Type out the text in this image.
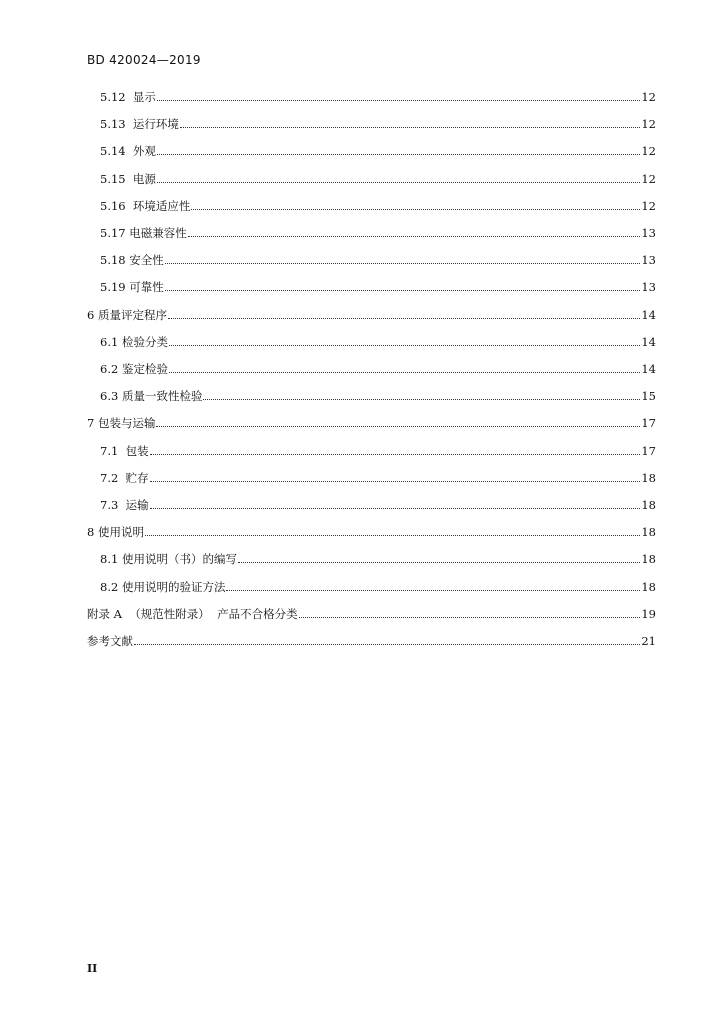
BD 420024—2019
5.12  显示	12
5.13  运行环境	12
5.14  外观	12
5.15  电源	12
5.16  环境适应性	12
5.17 电磁兼容性	13
5.18 安全性	13
5.19 可靠性	13
6 质量评定程序	14
6.1 检验分类	14
6.2 鉴定检验	14
6.3 质量一致性检验	15
7 包装与运输	17
7.1  包装	17
7.2  贮存	18
7.3  运输	18
8 使用说明	18
8.1 使用说明（书）的编写	18
8.2 使用说明的验证方法	18
附录 A  （规范性附录）  产品不合格分类	19
参考文献	21
II
